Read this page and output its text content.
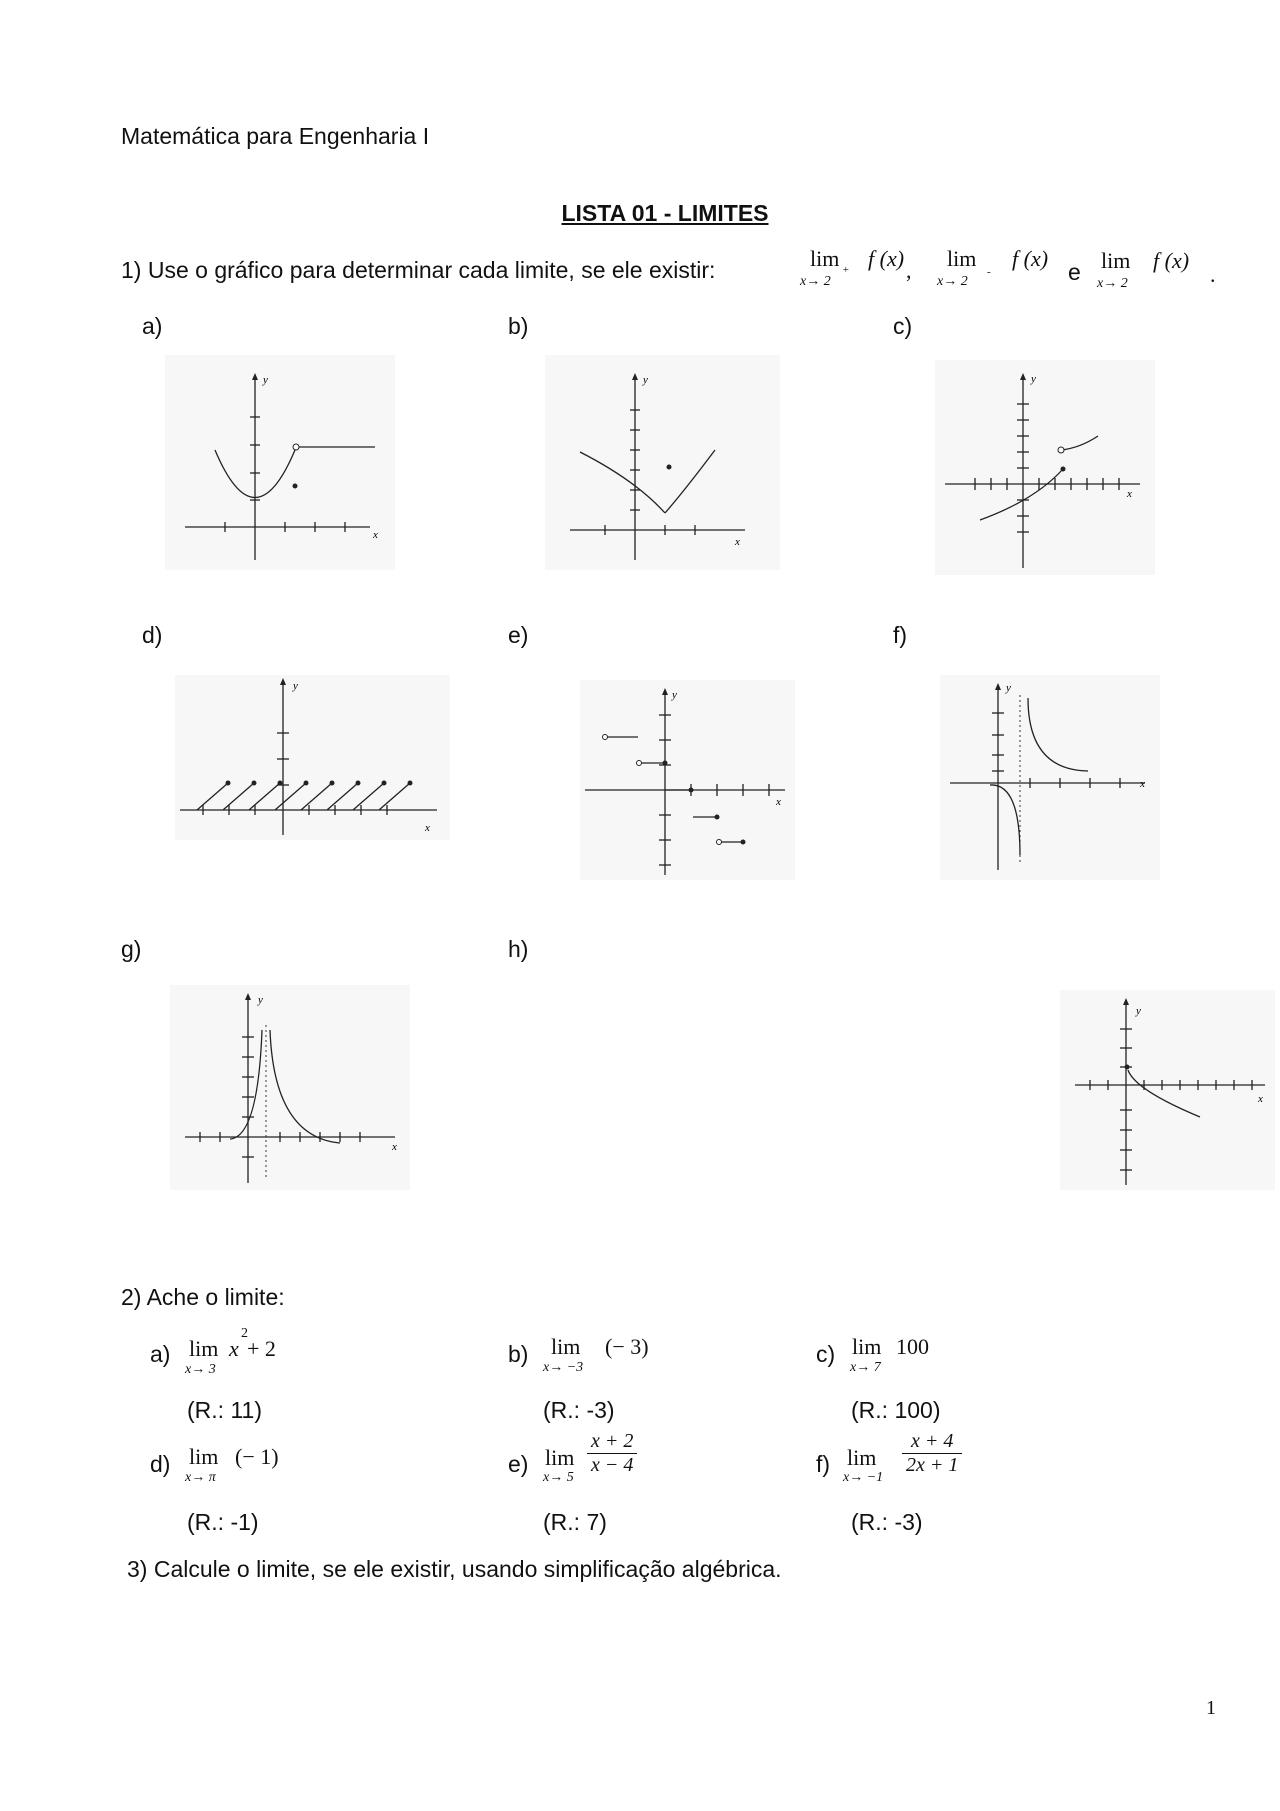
Matemática para Engenharia I
LISTA 01 - LIMITES
1) Use o gráfico para determinar cada limite, se ele existir:	lim
x→ 2
+ f (x) , lim
x→ 2
-
f (x)
e lim
x→ 2
f (x)
.
a)	b)	c)
d)	e)	f)
g)	h)
y
x
y
x
y
x
y
x
y
x
y
x
y
x
y
x
2) Ache o limite:
a) lim
x→ 3
x
2
+ 2
(R.: 11)
b) lim
x→ −3
(− 3)
(R.: -3)
c) lim
x→ 7
100
(R.: 100)
d) lim
x→ π
(− 1)
(R.: -1)
e) lim
x→ 5
$\frac{x + 2}{x - 4}$
(R.: 7)
f) lim
x→ −1
$\frac{x + 4}{2x + 1}$
(R.: -3)
3) Calcule o limite, se ele existir, usando simplificação algébrica.
1
